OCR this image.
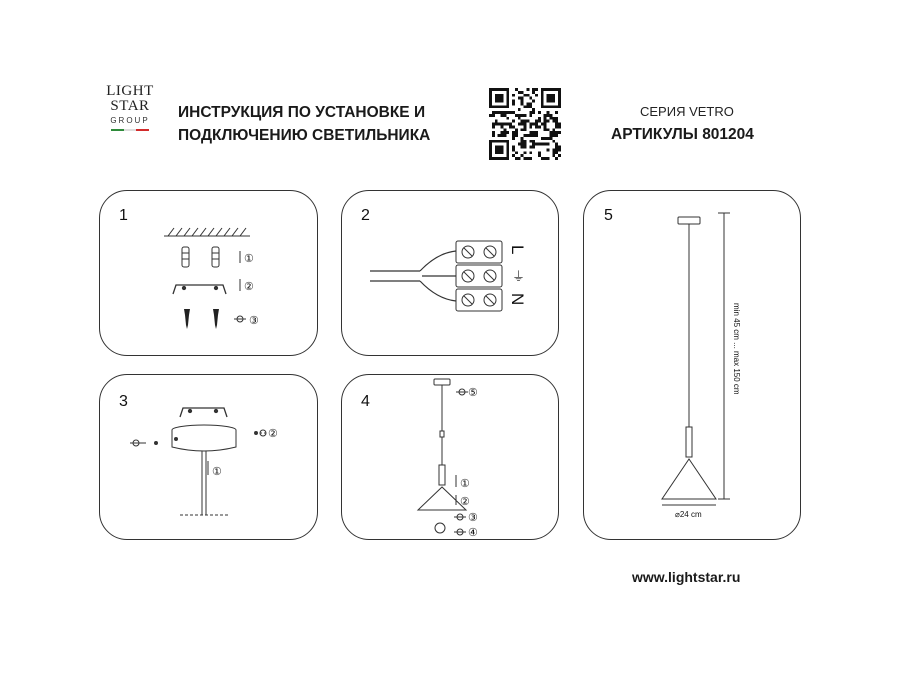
LIGHT
STAR
GROUP	ИНСТРУКЦИЯ ПО УСТАНОВКЕ И
ПОДКЛЮЧЕНИЮ СВЕТИЛЬНИКА
СЕРИЯ VETRO
АРТИКУЛЫ 801204
1
①
②
③
2
L
⏚
N
3
①
②
4	⑤
①
②
③
④
5
min 45 cm ... max 150 cm
⌀24 cm
www.lightstar.ru
